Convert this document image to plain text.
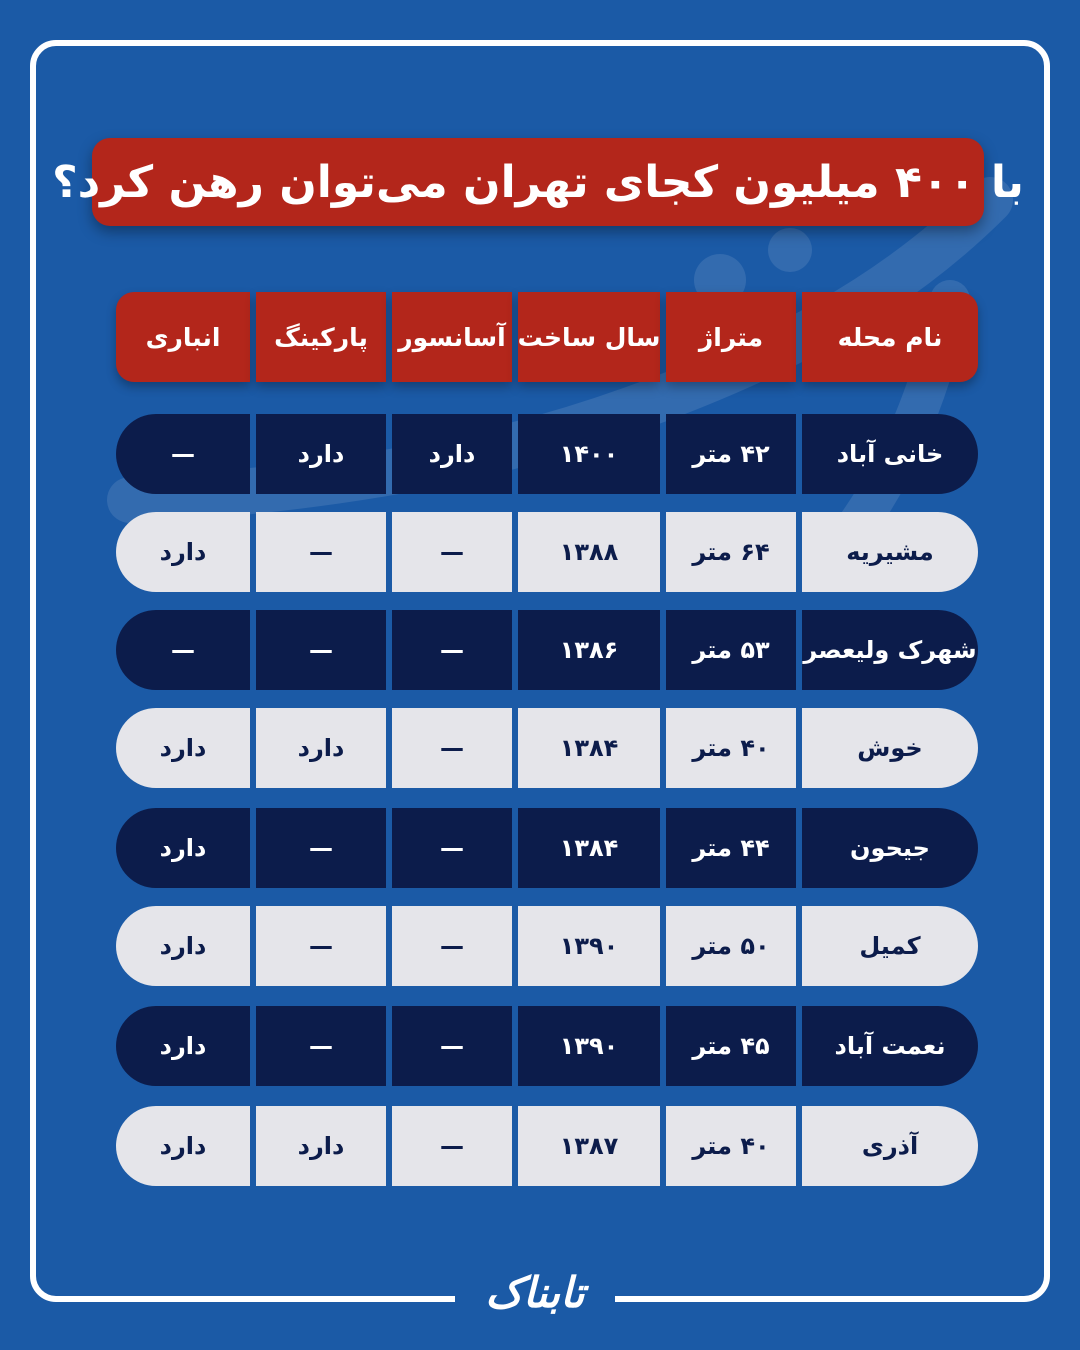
با ۴۰۰ میلیون کجای تهران می‌توان رهن کرد؟
نام محله
متراژ
سال ساخت
آسانسور
پارکینگ
انباری
خانی آباد
۴۲ متر
۱۴۰۰
دارد
دارد
—
مشیریه
۶۴ متر
۱۳۸۸
—
—
دارد
شهرک ولیعصر
۵۳ متر
۱۳۸۶
—
—
—
خوش
۴۰ متر
۱۳۸۴
—
دارد
دارد
جیحون
۴۴ متر
۱۳۸۴
—
—
دارد
کمیل
۵۰ متر
۱۳۹۰
—
—
دارد
نعمت آباد
۴۵ متر
۱۳۹۰
—
—
دارد
آذری
۴۰ متر
۱۳۸۷
—
دارد
دارد
تابناک
